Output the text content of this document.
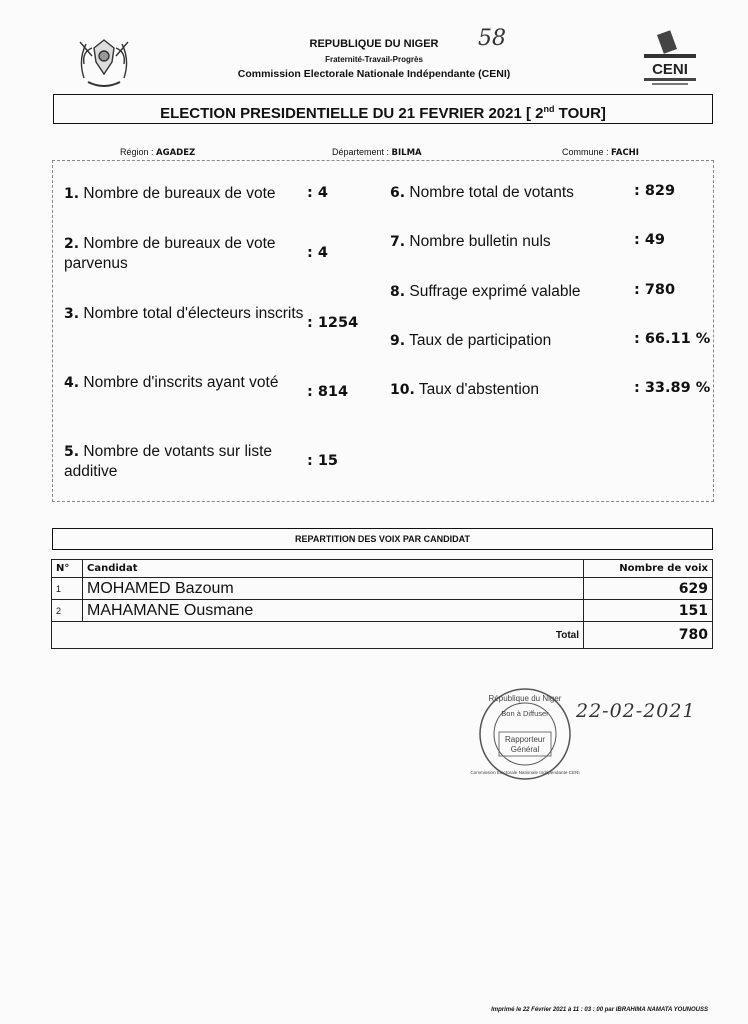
REPUBLIQUE DU NIGER
Fraternité-Travail-Progrès
Commission Electorale Nationale Indépendante (CENI)
58
CENI
ELECTION PRESIDENTIELLE DU 21 FEVRIER 2021 [ 2nd TOUR]
Région : AGADEZ	Département : BILMA	Commune : FACHI
1. Nombre de bureaux de vote	: 4
2. Nombre de bureaux de vote parvenus
: 4
3. Nombre total d'électeurs inscrits
: 1254
4. Nombre d'inscrits ayant voté
: 814
5. Nombre de votants sur liste additive
: 15
6. Nombre total de votants	: 829
7. Nombre bulletin nuls	: 49
8. Suffrage exprimé valable	: 780
9. Taux de participation	: 66.11 %
10. Taux d'abstention	: 33.89 %
REPARTITION DES VOIX PAR CANDIDAT
N°	Candidat	Nombre de voix
1	MOHAMED Bazoum	629
2	MAHAMANE Ousmane	151
Total		780
République du Niger
Bon à Diffuser
Rapporteur
Général
Commission Electorale Nationale Indépendante CENI
22-02-2021
Imprimé le 22 Février 2021 à 11 : 03 : 00 par IBRAHIMA NAMATA YOUNOUSS
